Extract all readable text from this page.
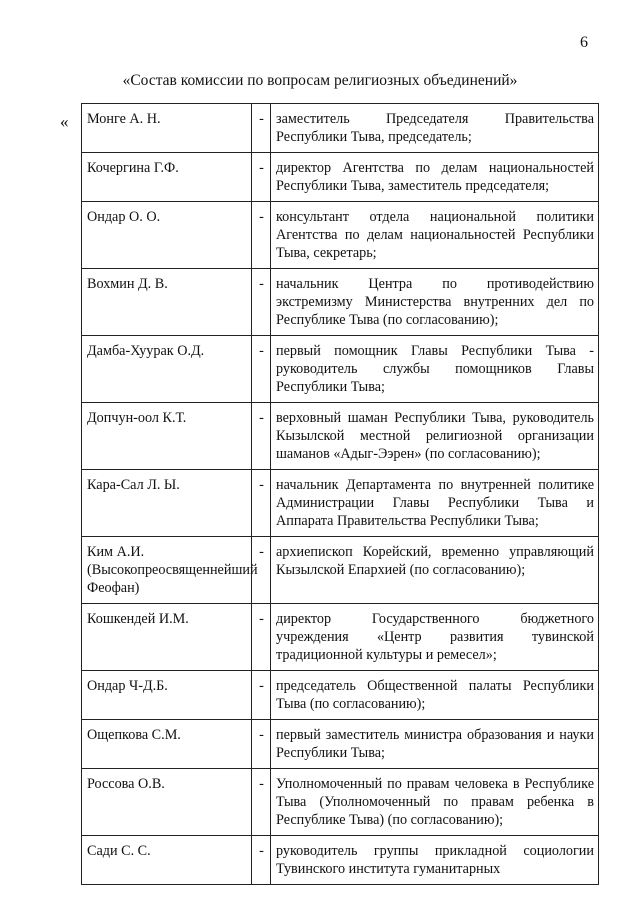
6
«Состав комиссии по вопросам религиозных объединений»
« Монге А. Н.	-	заместитель Председателя Правительства Республики Тыва, председатель;
Кочергина Г.Ф.	-	директор Агентства по делам национальностей Республики Тыва, заместитель председателя;
Ондар О. О.	-	консультант отдела национальной политики Агентства по делам национальностей Республики Тыва, секретарь;
Вохмин Д. В.	-	начальник Центра по противодействию экстремизму Министерства внутренних дел по Республике Тыва (по согласованию);
Дамба-Хуурак О.Д.	-	первый помощник Главы Республики Тыва - руководитель службы помощников Главы Республики Тыва;
Допчун-оол К.Т.	-	верховный шаман Республики Тыва, руководитель Кызылской местной религиозной организации шаманов «Адыг-Ээрен» (по согласованию);
Кара-Сал Л. Ы.	-	начальник Департамента по внутренней политике Администрации Главы Республики Тыва и Аппарата Правительства Республики Тыва;
Ким А.И. (Высокопреосвященнейший Феофан)	-	архиепископ Корейский, временно управляющий Кызылской Епархией (по согласованию);
Кошкендей И.М.	-	директор Государственного бюджетного учреждения «Центр развития тувинской традиционной культуры и ремесел»;
Ондар Ч-Д.Б.	-	председатель Общественной палаты Республики Тыва (по согласованию);
Ощепкова С.М.	-	первый заместитель министра образования и науки Республики Тыва;
Россова О.В.	-	Уполномоченный по правам человека в Республике Тыва (Уполномоченный по правам ребенка в Республике Тыва) (по согласованию);
Сади С. С.	-	руководитель группы прикладной социологии Тувинского института гуманитарных
